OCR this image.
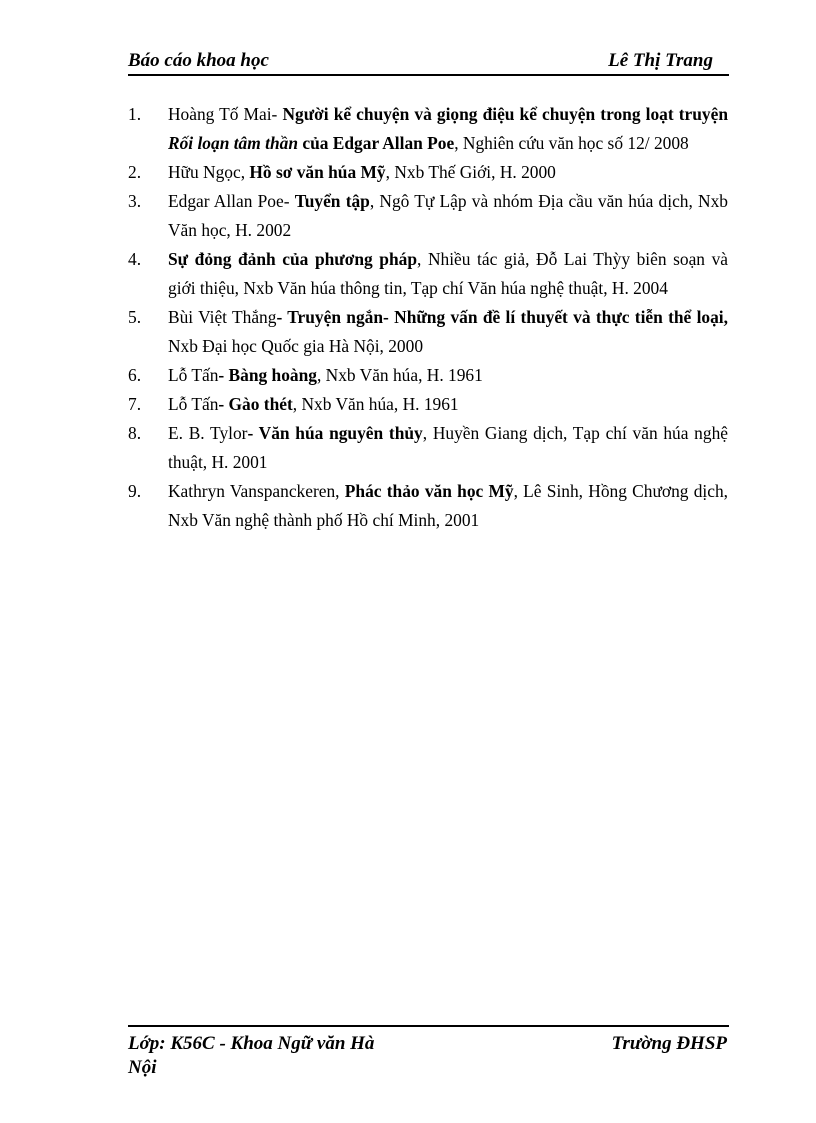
Báo cáo khoa học	Lê Thị Trang
1. Hoàng Tố Mai- Người kể chuyện và giọng điệu kể chuyện trong loạt truyện Rối loạn tâm thần của Edgar Allan Poe, Nghiên cứu văn học số 12/ 2008
2. Hữu Ngọc, Hồ sơ văn húa Mỹ, Nxb Thế Giới, H. 2000
3. Edgar Allan Poe- Tuyển tập, Ngô Tự Lập và nhóm Địa cầu văn húa dịch, Nxb Văn học, H. 2002
4. Sự đỏng đảnh của phương pháp, Nhiều tác giả, Đỗ Lai Thỳy biên soạn và giới thiệu, Nxb Văn húa thông tin, Tạp chí Văn húa nghệ thuật, H. 2004
5. Bùi Việt Thắng- Truyện ngắn- Những vấn đề lí thuyết và thực tiễn thể loại, Nxb Đại học Quốc gia Hà Nội, 2000
6. Lỗ Tấn- Bàng hoàng, Nxb Văn húa, H. 1961
7. Lỗ Tấn- Gào thét, Nxb Văn húa, H. 1961
8. E. B. Tylor- Văn húa nguyên thủy, Huyền Giang dịch, Tạp chí văn húa nghệ thuật, H. 2001
9. Kathryn Vanspanckeren, Phác thảo văn học Mỹ, Lê Sinh, Hồng Chương dịch, Nxb Văn nghệ thành phố Hồ chí Minh, 2001
Lớp: K56C - Khoa Ngữ văn Hà Nội
Trường ĐHSP
